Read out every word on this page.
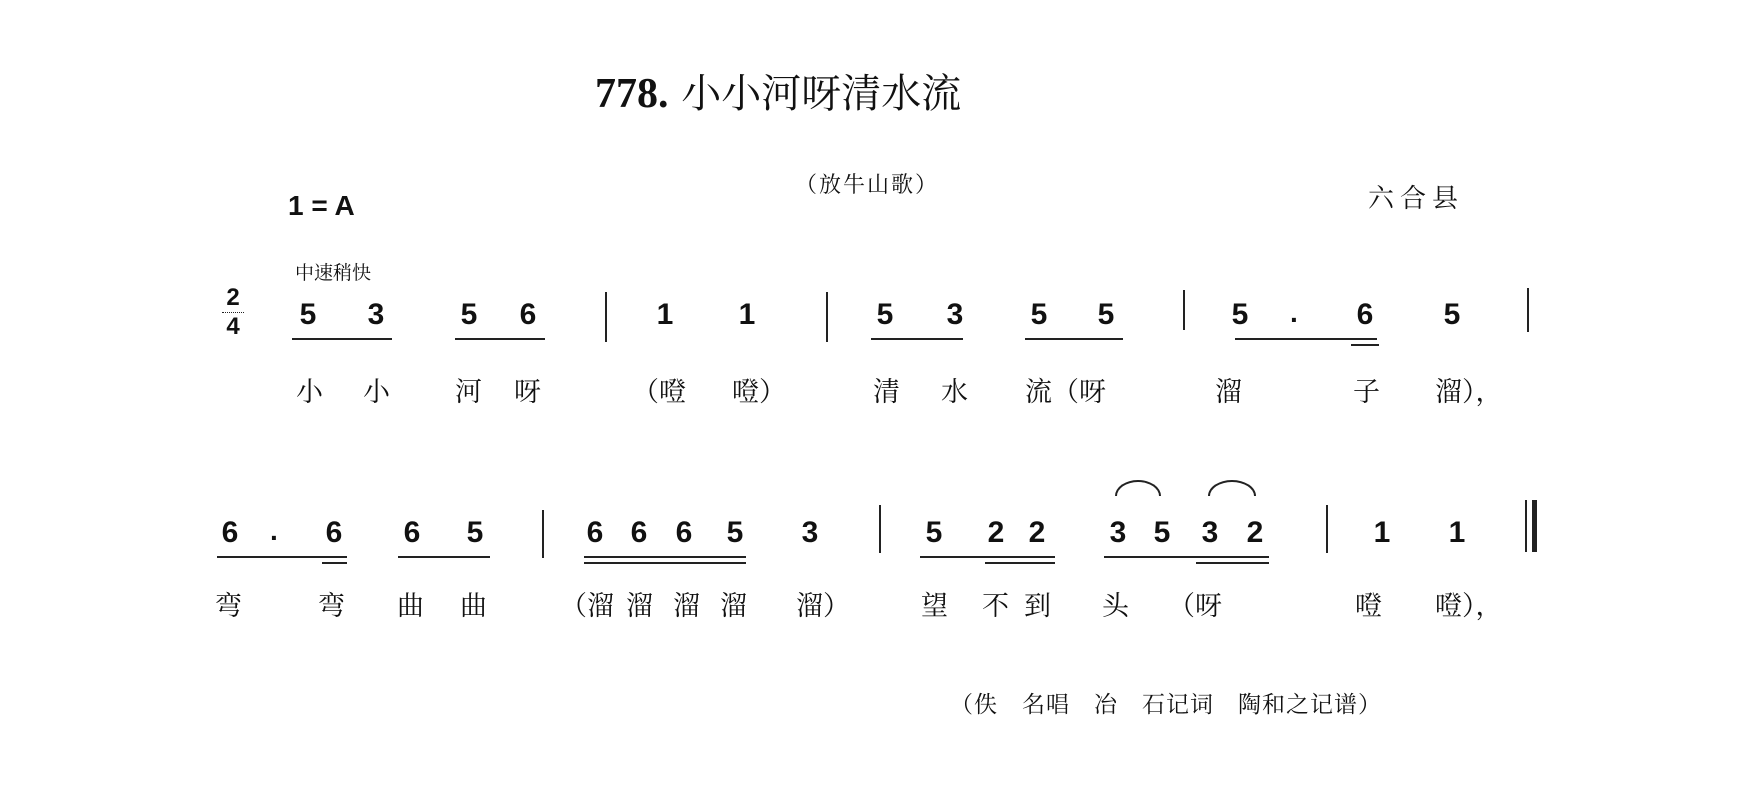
778. 小小河呀清水流
（放牛山歌）
1 = A	六合县
中速稍快
2
4	5	3	5	6	1	1	5	3	5	5	5	·	6	5
小 小 河 呀	（噔 噔）	清 水 流（呀	溜	子 溜），
6	·	6	6	5	6 6 6	5	3	5	2 2	3 5	3 2	1	1
弯	弯 曲 曲	（溜 溜 溜 溜 溜）	望 不 到 头 （呀	噔 噔），
（佚　名唱　冶　石记词　陶和之记谱）
